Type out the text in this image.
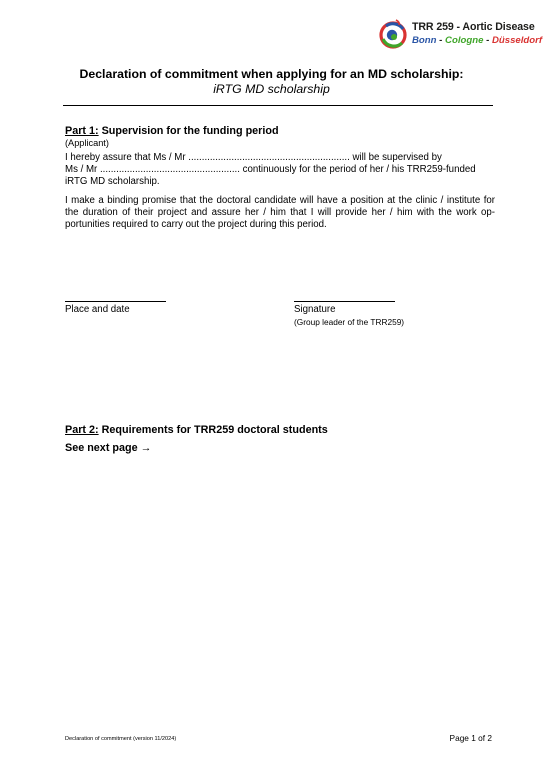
TRR 259 - Aortic Disease
Bonn - Cologne - Düsseldorf
Declaration of commitment when applying for an MD scholarship:
iRTG MD scholarship
Part 1: Supervision for the funding period
(Applicant)
I hereby assure that Ms / Mr ............................................................ will be supervised by
Ms / Mr .................................................... continuously for the period of her / his TRR259-funded
iRTG MD scholarship.
I make a binding promise that the doctoral candidate will have a position at the clinic / institute for the duration of their project and assure her / him that I will provide her / him with the work op-portunities required to carry out the project during this period.
Place and date	Signature
(Group leader of the TRR259)
Part 2: Requirements for TRR259 doctoral students
See next page →
Declaration of commitment (version 11/2024)	Page 1 of 2
